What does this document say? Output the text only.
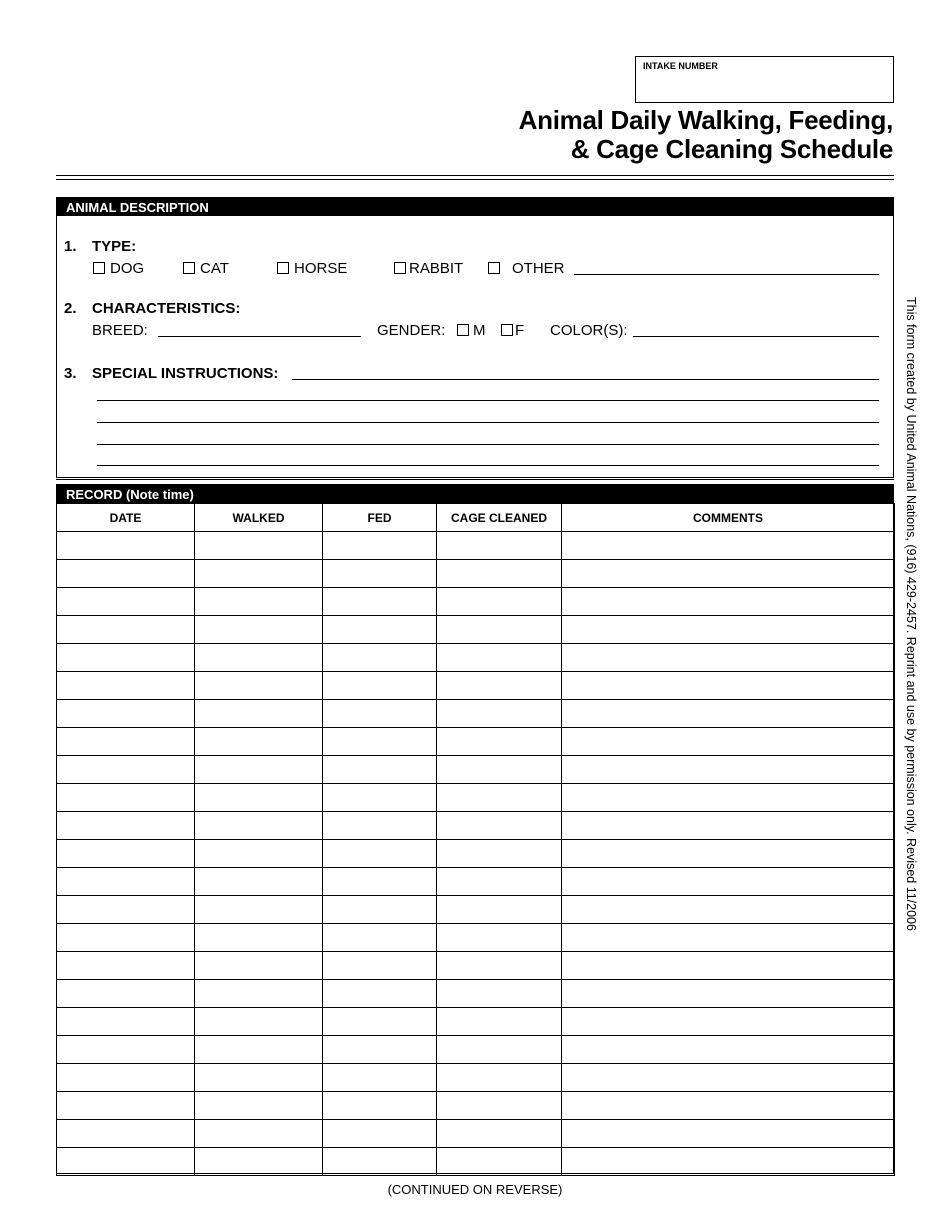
INTAKE NUMBER
Animal Daily Walking, Feeding,
& Cage Cleaning Schedule
ANIMAL DESCRIPTION
1. TYPE:
DOG	CAT	HORSE	RABBIT	OTHER
2. CHARACTERISTICS:
BREED:	GENDER:	M	F COLOR(S):
3. SPECIAL INSTRUCTIONS:
RECORD (Note time)
DATE	WALKED	FED	CAGE CLEANED	COMMENTS

					This form created by United Animal Nations, (916) 429-2457. Reprint and use by permission only. Revised 11/2006
(CONTINUED ON REVERSE)
